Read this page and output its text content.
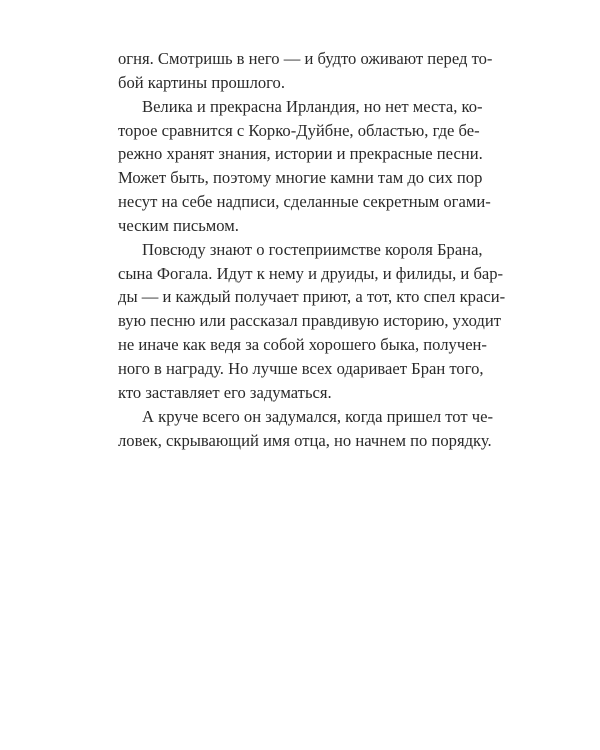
огня. Смотришь в него — и будто оживают перед то-
бой картины прошлого.
Велика и прекрасна Ирландия, но нет места, ко-
торое сравнится с Корко-Дуйбне, областью, где бе-
режно хранят знания, истории и прекрасные песни.
Может быть, поэтому многие камни там до сих пор
несут на себе надписи, сделанные секретным огами-
ческим письмом.
Повсюду знают о гостеприимстве короля Брана,
сына Фогала. Идут к нему и друиды, и филиды, и бар-
ды — и каждый получает приют, а тот, кто спел краси-
вую песню или рассказал правдивую историю, уходит
не иначе как ведя за собой хорошего быка, получен-
ного в награду. Но лучше всех одаривает Бран того,
кто заставляет его задуматься.
А круче всего он задумался, когда пришел тот че-
ловек, скрывающий имя отца, но начнем по порядку.
